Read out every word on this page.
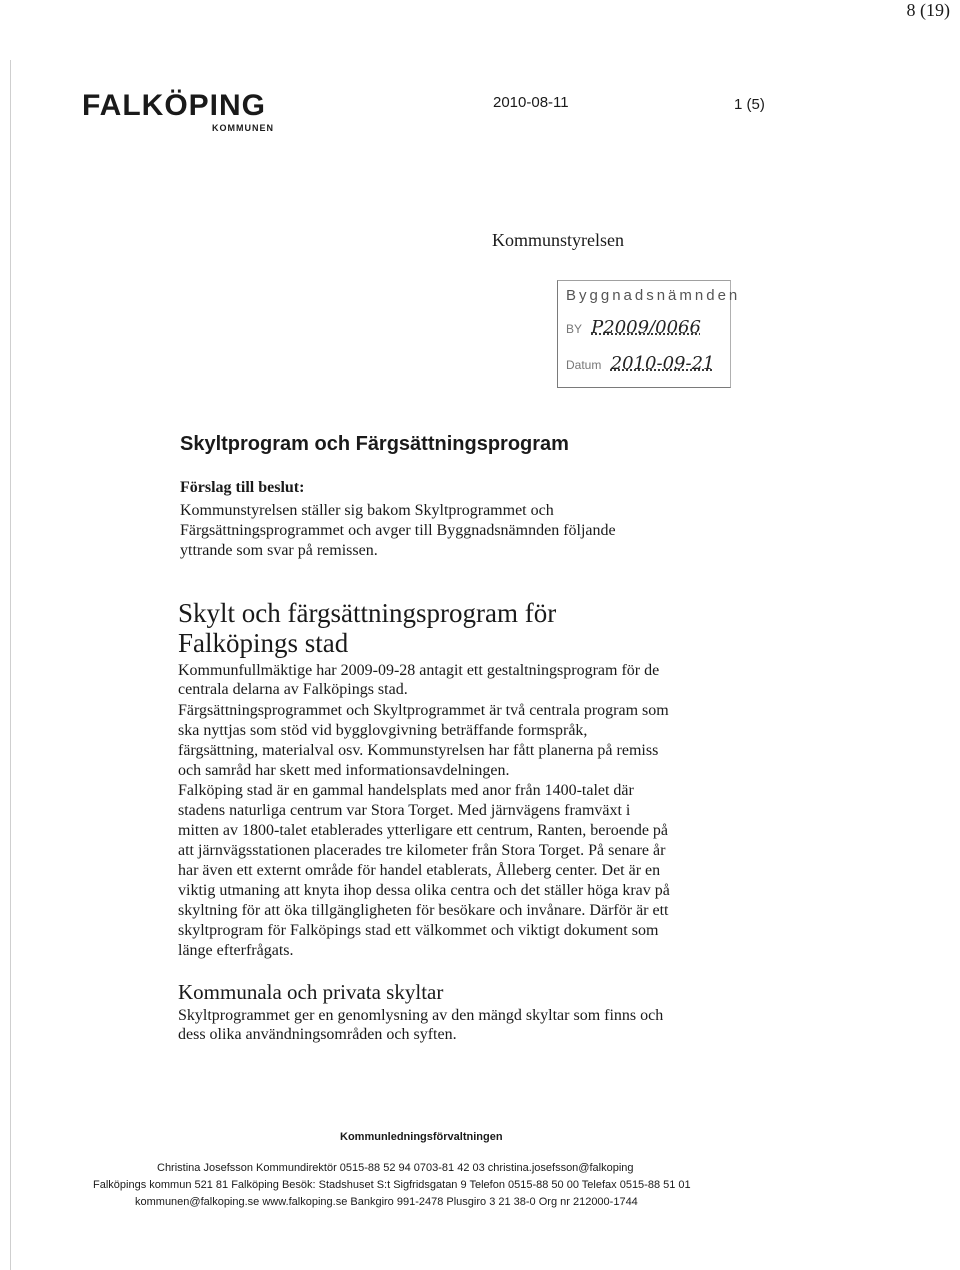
8 (19)
FALKÖPING
KOMMUNEN
2010-08-11	1 (5)
Kommunstyrelsen
Byggnadsnämnden
BY P2009/0066
Datum 2010-09-21
Skyltprogram och Färgsättningsprogram
Förslag till beslut:
Kommunstyrelsen ställer sig bakom Skyltprogrammet och
Färgsättningsprogrammet och avger till Byggnadsnämnden följande
yttrande som svar på remissen.
Skylt och färgsättningsprogram för
Falköpings stad
Kommunfullmäktige har 2009-09-28 antagit ett gestaltningsprogram för de
centrala delarna av Falköpings stad.
Färgsättningsprogrammet och Skyltprogrammet är två centrala program som
ska nyttjas som stöd vid bygglovgivning beträffande formspråk,
färgsättning, materialval osv. Kommunstyrelsen har fått planerna på remiss
och samråd har skett med informationsavdelningen.
Falköping stad är en gammal handelsplats med anor från 1400-talet där
stadens naturliga centrum var Stora Torget. Med järnvägens framväxt i
mitten av 1800-talet etablerades ytterligare ett centrum, Ranten, beroende på
att järnvägsstationen placerades tre kilometer från Stora Torget. På senare år
har även ett externt område för handel etablerats, Ålleberg center. Det är en
viktig utmaning att knyta ihop dessa olika centra och det ställer höga krav på
skyltning för att öka tillgängligheten för besökare och invånare. Därför är ett
skyltprogram för Falköpings stad ett välkommet och viktigt dokument som
länge efterfrågats.
Kommunala och privata skyltar
Skyltprogrammet ger en genomlysning av den mängd skyltar som finns och
dess olika användningsområden och syften.
Kommunledningsförvaltningen
Christina Josefsson Kommundirektör 0515-88 52 94 0703-81 42 03 christina.josefsson@falkoping
Falköpings kommun 521 81 Falköping Besök: Stadshuset S:t Sigfridsgatan 9 Telefon 0515-88 50 00 Telefax 0515-88 51 01
kommunen@falkoping.se www.falkoping.se Bankgiro 991-2478 Plusgiro 3 21 38-0 Org nr 212000-1744
